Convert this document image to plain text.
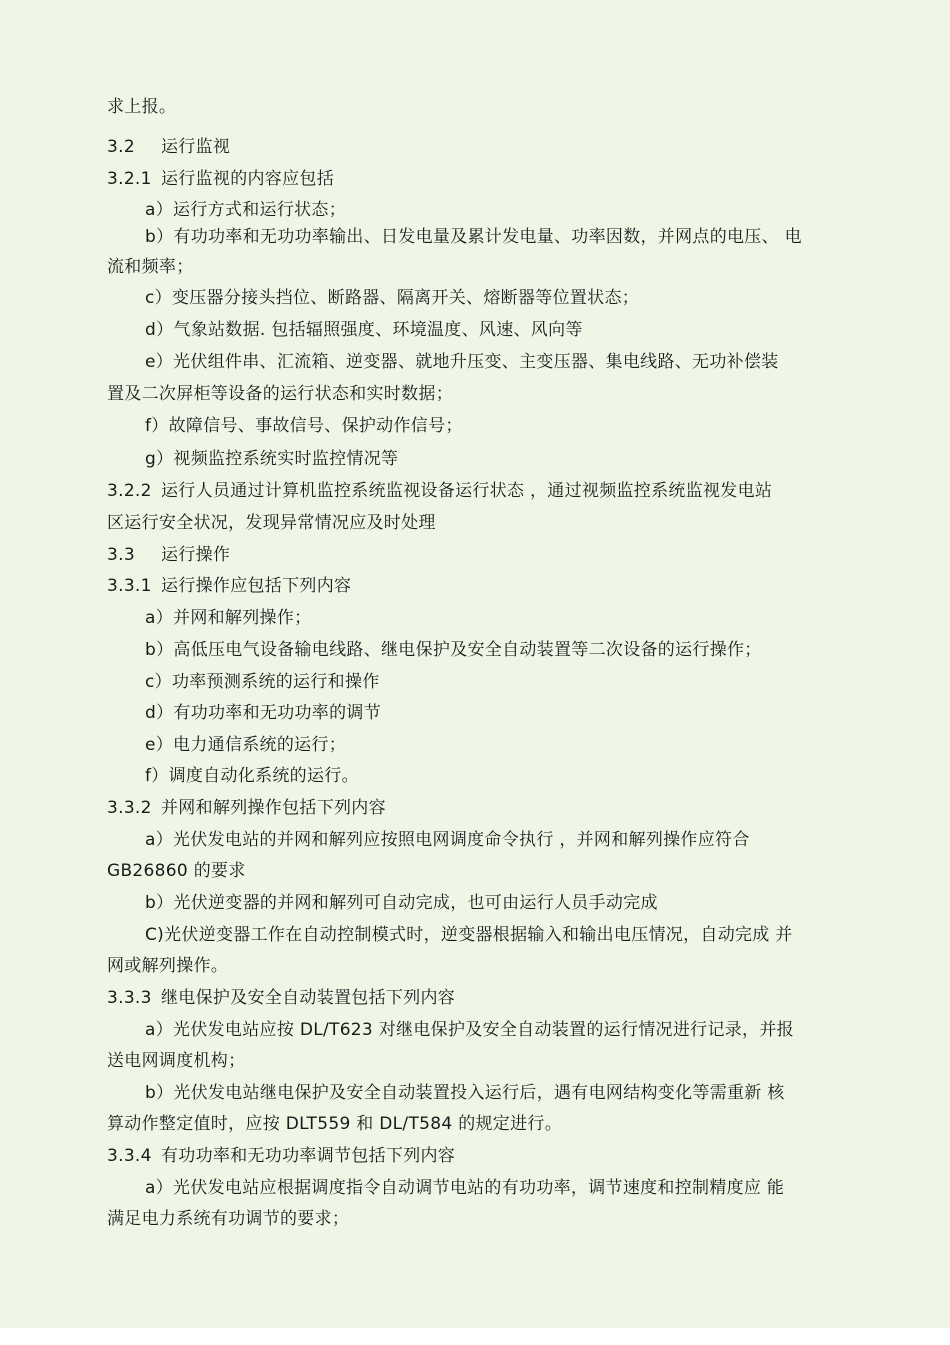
求上报。
3.2 运行监视
3.2.1 运行监视的内容应包括
a）运行方式和运行状态；
b）有功功率和无功功率输出、日发电量及累计发电量、功率因数，并网点的电压、 电
流和频率；
c）变压器分接头挡位、断路器、隔离开关、熔断器等位置状态；
d）气象站数据. 包括辐照强度、环境温度、风速、风向等
e）光伏组件串、汇流箱、逆变器、就地升压变、主变压器、集电线路、无功补偿装
置及二次屏柜等设备的运行状态和实时数据；
f）故障信号、事故信号、保护动作信号；
g）视频监控系统实时监控情况等
3.2.2 运行人员通过计算机监控系统监视设备运行状态 ，通过视频监控系统监视发电站
区运行安全状况，发现异常情况应及时处理
3.3 运行操作
3.3.1 运行操作应包括下列内容
a）并网和解列操作；
b）高低压电气设备输电线路、继电保护及安全自动装置等二次设备的运行操作；
c）功率预测系统的运行和操作
d）有功功率和无功功率的调节
e）电力通信系统的运行；
f）调度自动化系统的运行。
3.3.2 并网和解列操作包括下列内容
a）光伏发电站的并网和解列应按照电网调度命令执行 ，并网和解列操作应符合
GB26860 的要求
b）光伏逆变器的并网和解列可自动完成，也可由运行人员手动完成
C)光伏逆变器工作在自动控制模式时，逆变器根据输入和输出电压情况，自动完成 并
网或解列操作。
3.3.3 继电保护及安全自动装置包括下列内容
a）光伏发电站应按 DL/T623 对继电保护及安全自动装置的运行情况进行记录，并报
送电网调度机构；
b）光伏发电站继电保护及安全自动装置投入运行后，遇有电网结构变化等需重新 核
算动作整定值时，应按 DLT559 和 DL/T584 的规定进行。
3.3.4 有功功率和无功功率调节包括下列内容
a）光伏发电站应根据调度指令自动调节电站的有功功率，调节速度和控制精度应 能
满足电力系统有功调节的要求；
